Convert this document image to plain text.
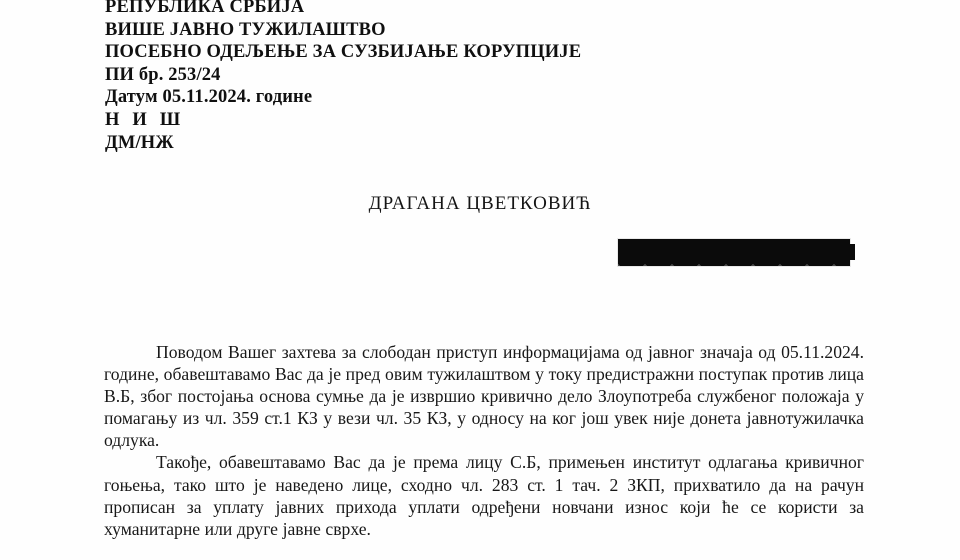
РЕПУБЛИКА СРБИЈА
ВИШЕ ЈАВНО ТУЖИЛАШТВО
ПОСЕБНО ОДЕЉЕЊЕ ЗА СУЗБИЈАЊЕ КОРУПЦИЈЕ
ПИ бр. 253/24
Датум 05.11.2024. године
Н И Ш
ДМ/НЖ
ДРАГАНА ЦВЕТКОВИЋ

Поводом Вашег захтева за слободан приступ информацијама од јавног значаја од 05.11.2024. године, обавештавамо Вас да је пред овим тужилаштвом у току предистражни поступак против лица В.Б, због постојања основа сумње да је извршио кривично дело Злоупотреба службеног положаја у помагању из чл. 359 ст.1 КЗ у вези чл. 35 КЗ, у односу на ког још увек није донета јавнотужилачка одлука.

Такође, обавештавамо Вас да је према лицу С.Б, примењен институт одлагања кривичног гоњења, тако што је наведено лице, сходно чл. 283 ст. 1 тач. 2 ЗКП, прихватило да на рачун прописан за уплату јавних прихода уплати одређени новчани износ који ће се користи за хуманитарне или друге јавне сврхе.
